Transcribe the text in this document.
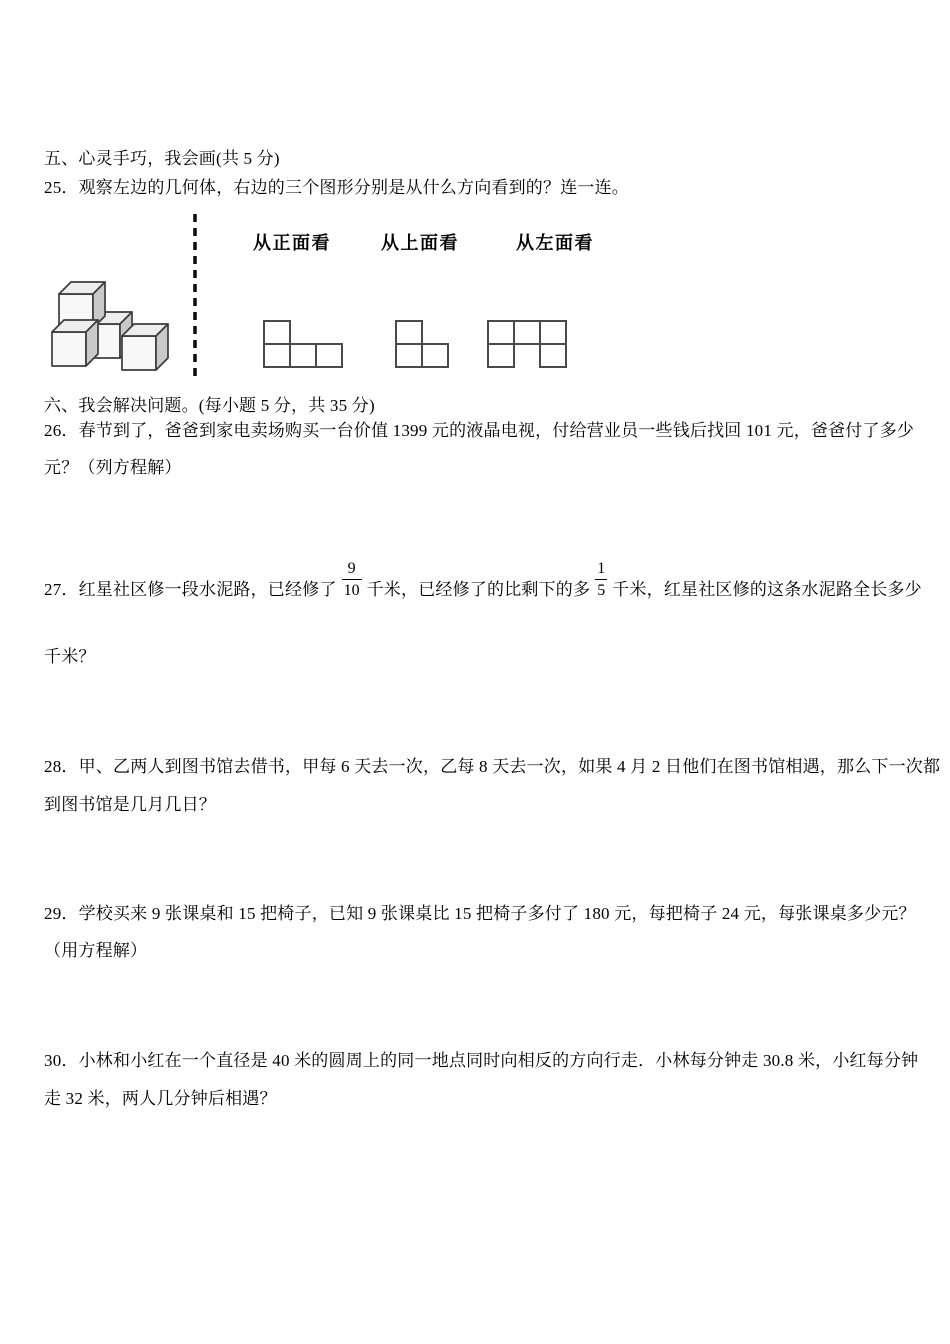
五、心灵手巧，我会画(共 5 分)
25．观察左边的几何体，右边的三个图形分别是从什么方向看到的？连一连。
从正面看	从上面看	从左面看
六、我会解决问题。(每小题 5 分，共 35 分)
26．春节到了，爸爸到家电卖场购买一台价值 1399 元的液晶电视，付给营业员一些钱后找回 101 元，爸爸付了多少
元？（列方程解）
27．红星社区修一段水泥路，已经修了 $\frac{9}{10}$ 千米，已经修了的比剩下的多 $\frac{1}{5}$ 千米，红星社区修的这条水泥路全长多少
千米？
28．甲、乙两人到图书馆去借书，甲每 6 天去一次，乙每 8 天去一次，如果 4 月 2 日他们在图书馆相遇，那么下一次都
到图书馆是几月几日？
29．学校买来 9 张课桌和 15 把椅子，已知 9 张课桌比 15 把椅子多付了 180 元，每把椅子 24 元，每张课桌多少元？
（用方程解）
30．小林和小红在一个直径是 40 米的圆周上的同一地点同时向相反的方向行走．小林每分钟走 30.8 米，小红每分钟
走 32 米，两人几分钟后相遇？
